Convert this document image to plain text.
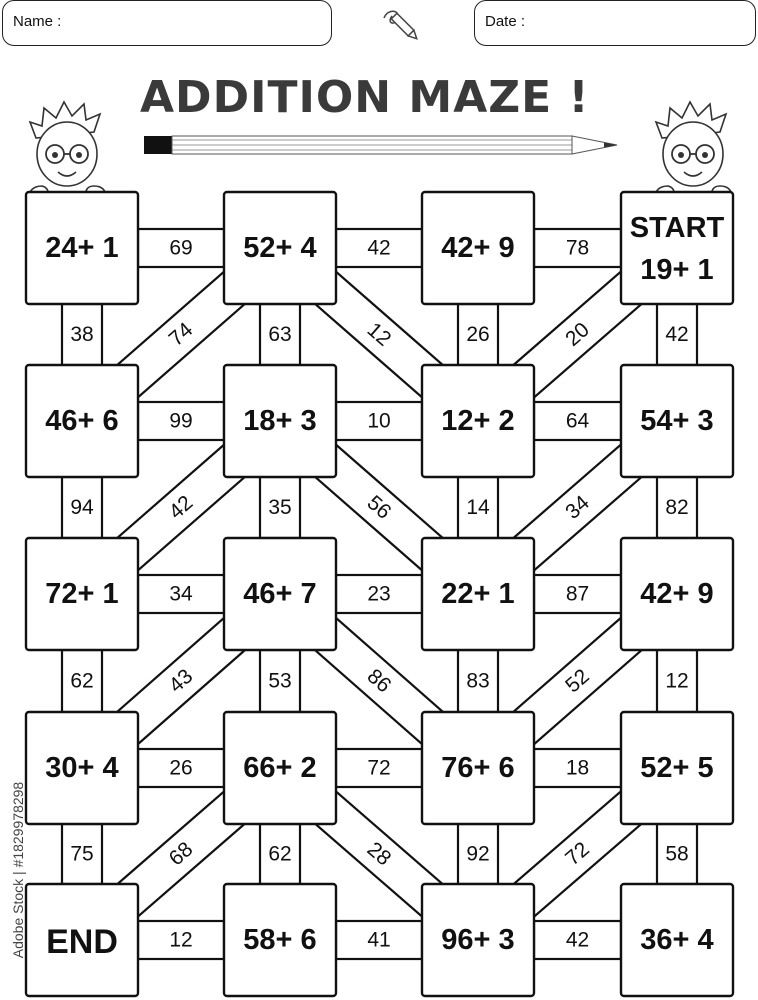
Name :	Date :
ADDITION MAZE !
24+ 1	52+ 4	42+ 9
START
19+ 1
46+ 6	18+ 3	12+ 2	54+ 3
72+ 1	46+ 7	22+ 1	42+ 9
30+ 4	66+ 2	76+ 6	52+ 5
END	58+ 6	96+ 3	36+ 4
69	42	78
99	10	64
34	23	87
26	72	18
12	41	42
38	63	26	42
94	35	14	82
62	53	83	12
75	62	92	58
74	12	20
42	56	34
43	86	52
68	28	72
Adobe Stock | #1829978298
